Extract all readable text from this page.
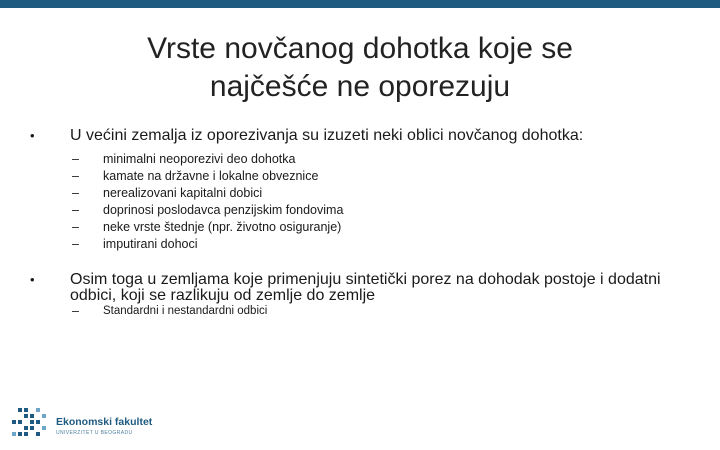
Vrste novčanog dohotka koje se
najčešće ne oporezuju
•	U većini zemalja iz oporezivanja su izuzeti neki oblici novčanog dohotka:
– minimalni neoporezivi deo dohotka
– kamate na državne i lokalne obveznice
– nerealizovani kapitalni dobici
– doprinosi poslodavca penzijskim fondovima
– neke vrste štednje (npr. životno osiguranje)
– imputirani dohoci
•	Osim toga u zemljama koje primenjuju sintetički porez na dohodak postoje i dodatni odbici, koji se razlikuju od zemlje do zemlje
– Standardni i nestandardni odbici
Ekonomski fakultet
UNIVERZITET U BEOGRADU
